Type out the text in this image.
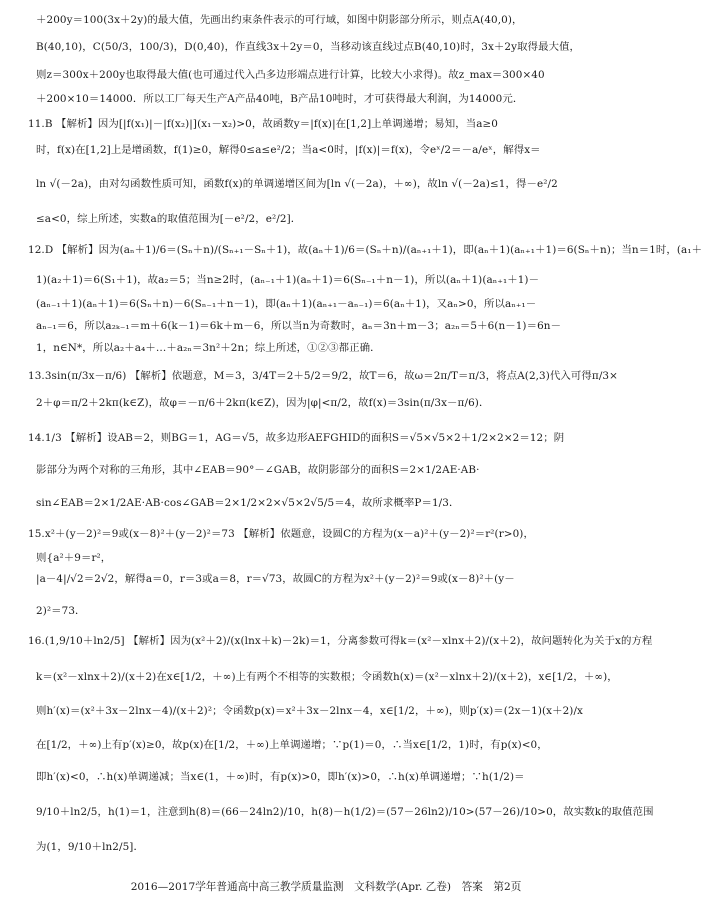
＋200y＝100(3x＋2y)的最大值，先画出约束条件表示的可行域，如图中阴影部分所示，则点A(40,0)，
B(40,10)，C(50/3，100/3)，D(0,40)，作直线3x＋2y＝0，当移动该直线过点B(40,10)时，3x＋2y取得最大值，
则z＝300x＋200y也取得最大值(也可通过代入凸多边形端点进行计算，比较大小求得)。故z_max＝300×40
＋200×10＝14000．所以工厂每天生产A产品40吨，B产品10吨时，才可获得最大利润，为14000元．
11.B 【解析】因为[|f(x₁)|－|f(x₂)|](x₁－x₂)>0，故函数y＝|f(x)|在[1,2]上单调递增；易知，当a≥0
时，f(x)在[1,2]上是增函数，f(1)≥0，解得0≤a≤e²/2；当a<0时，|f(x)|＝f(x)，令eˣ/2＝－a/eˣ，解得x＝
ln √(－2a)，由对勾函数性质可知，函数f(x)的单调递增区间为[ln √(－2a)，＋∞)，故ln √(－2a)≤1，得－e²/2
≤a<0，综上所述，实数a的取值范围为[－e²/2，e²/2]．
12.D 【解析】因为(aₙ＋1)/6＝(Sₙ＋n)/(Sₙ₊₁－Sₙ＋1)，故(aₙ＋1)/6＝(Sₙ＋n)/(aₙ₊₁＋1)，即(aₙ＋1)(aₙ₊₁＋1)＝6(Sₙ＋n)；当n＝1时，(a₁＋
1)(a₂＋1)＝6(S₁＋1)，故a₂＝5；当n≥2时，(aₙ₋₁＋1)(aₙ＋1)＝6(Sₙ₋₁＋n－1)，所以(aₙ＋1)(aₙ₊₁＋1)－
(aₙ₋₁＋1)(aₙ＋1)＝6(Sₙ＋n)－6(Sₙ₋₁＋n－1)，即(aₙ＋1)(aₙ₊₁－aₙ₋₁)＝6(aₙ＋1)，又aₙ>0，所以aₙ₊₁－
aₙ₋₁＝6，所以a₂ₖ₋₁＝m＋6(k－1)＝6k＋m－6，所以当n为奇数时，aₙ＝3n＋m－3；a₂ₙ＝5＋6(n－1)＝6n－
1，n∈N*，所以a₂＋a₄＋…＋a₂ₙ＝3n²＋2n；综上所述，①②③都正确．
13.3sin(π/3x－π/6) 【解析】依题意，M＝3，3/4T＝2＋5/2＝9/2，故T＝6，故ω＝2π/T＝π/3，将点A(2,3)代入可得π/3×
2＋φ＝π/2＋2kπ(k∈Z)，故φ＝－π/6＋2kπ(k∈Z)，因为|φ|<π/2，故f(x)＝3sin(π/3x－π/6)．
14.1/3 【解析】设AB＝2，则BG＝1，AG＝√5，故多边形AEFGHID的面积S＝√5×√5×2＋1/2×2×2＝12；阴
影部分为两个对称的三角形，其中∠EAB＝90°－∠GAB，故阴影部分的面积S＝2×1/2AE·AB·
sin∠EAB＝2×1/2AE·AB·cos∠GAB＝2×1/2×2×√5×2√5/5＝4，故所求概率P＝1/3．
15.x²＋(y－2)²＝9或(x－8)²＋(y－2)²＝73 【解析】依题意，设圆C的方程为(x－a)²＋(y－2)²＝r²(r>0)，
则{a²＋9＝r²，
|a－4|/√2＝2√2，解得a＝0，r＝3或a＝8，r＝√73，故圆C的方程为x²＋(y－2)²＝9或(x－8)²＋(y－
2)²＝73．
16.(1,9/10＋ln2/5] 【解析】因为(x²＋2)/(x(lnx＋k)－2k)＝1，分离参数可得k＝(x²－xlnx＋2)/(x＋2)，故问题转化为关于x的方程
k＝(x²－xlnx＋2)/(x＋2)在x∈[1/2，＋∞)上有两个不相等的实数根；令函数h(x)＝(x²－xlnx＋2)/(x＋2)，x∈[1/2，＋∞)，
则h′(x)＝(x²＋3x－2lnx－4)/(x＋2)²；令函数p(x)＝x²＋3x－2lnx－4，x∈[1/2，＋∞)，则p′(x)＝(2x－1)(x＋2)/x
在[1/2，＋∞)上有p′(x)≥0，故p(x)在[1/2，＋∞)上单调递增；∵p(1)＝0，∴当x∈[1/2，1)时，有p(x)<0，
即h′(x)<0，∴h(x)单调递减；当x∈(1，＋∞)时，有p(x)>0，即h′(x)>0，∴h(x)单调递增；∵h(1/2)＝
9/10＋ln2/5，h(1)＝1，注意到h(8)＝(66－24ln2)/10，h(8)－h(1/2)＝(57－26ln2)/10>(57－26)/10>0，故实数k的取值范围
为(1，9/10＋ln2/5]．
2016—2017学年普通高中高三教学质量监测　文科数学(Apr. 乙卷)　答案　第2页
